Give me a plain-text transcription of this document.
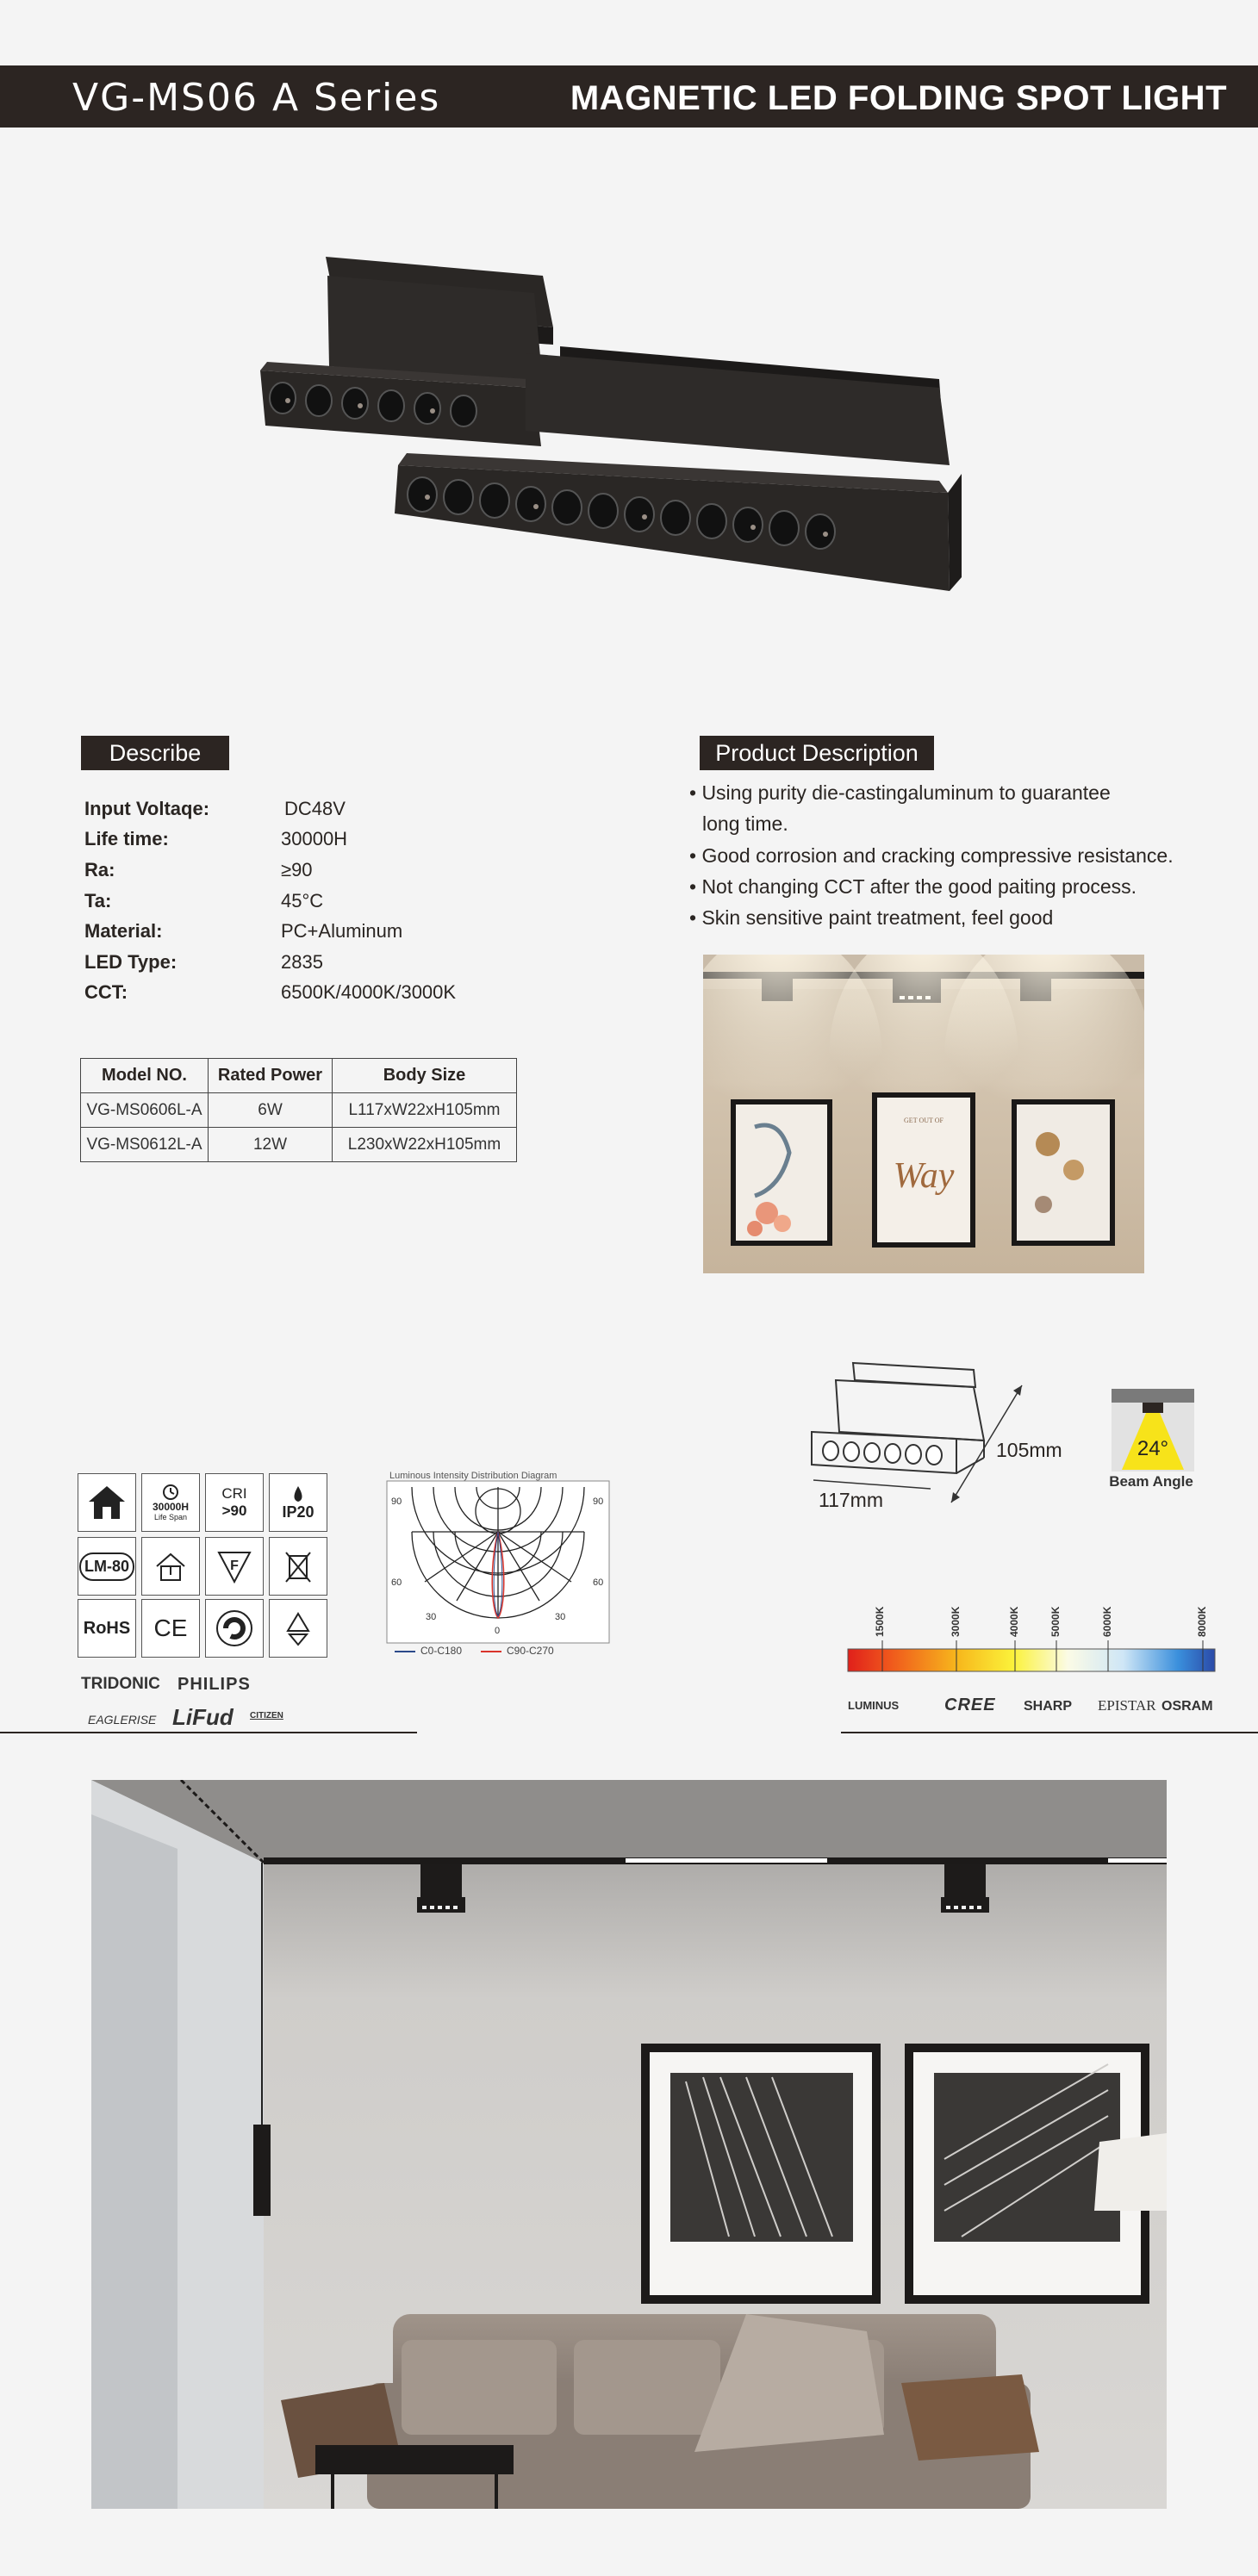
VG-MS06 A Series	MAGNETIC LED FOLDING SPOT LIGHT
Describe
Input Voltaqe:	DC48V
Life time:	30000H
Ra:	≥90
Ta:	45°C
Material:	PC+Aluminum
LED Type:	2835
CCT:	6500K/4000K/3000K
Model NO.	Rated Power	Body Size
VG-MS0606L-A	6W	L117xW22xH105mm
VG-MS0612L-A	12W	L230xW22xH105mm
Product Description
• Using purity die-castingaluminum to guarantee
long time.
• Good corrosion and cracking compressive resistance.
• Not changing CCT after the good paiting process.
• Skin sensitive paint treatment, feel good
GET OUT OF
Way
105mm
117mm
24°
Beam Angle
30000H
Life Span
CRI
>90 IP20
LM-80	F
RoHS CE
TRIDONIC PHILIPS
EAGLERISE LiFud CITIZEN
Luminous Intensity Distribution Diagram
90	90
60	60
30	30
0
C0-C180	C90-C270
1500K	3000K	4000K	5000K	6000K	8000K
LUMINUS	CREE SHARP EPISTAR OSRAM
